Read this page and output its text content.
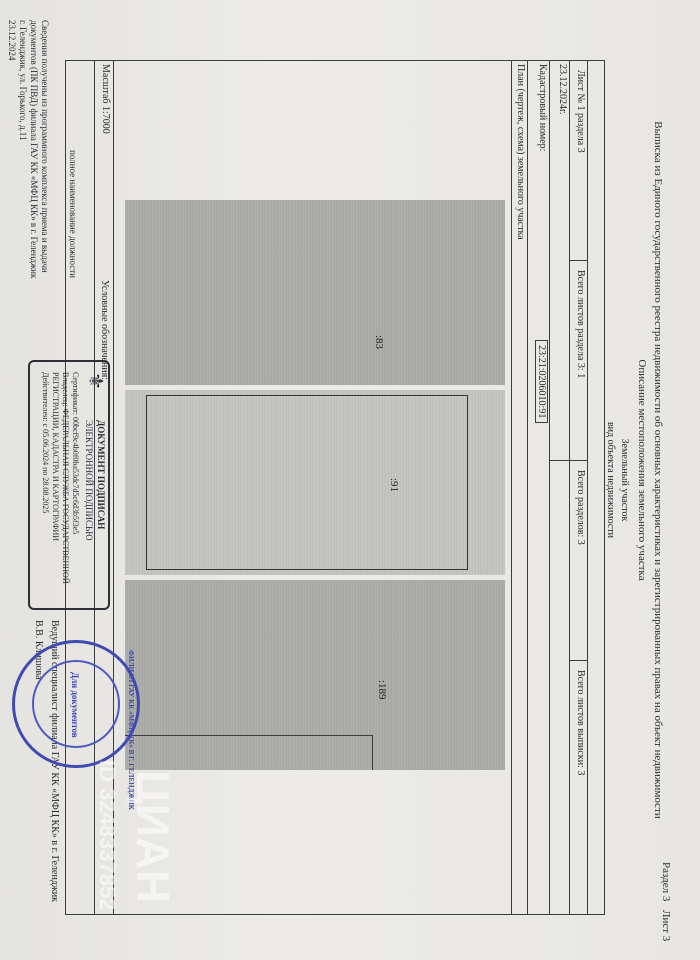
Раздел 3
Лист 3
Выписка из Единого государственного реестра недвижимости об основных характеристиках и зарегистрированных правах на объект недвижимости
Описание местоположения земельного участка
Земельный участок
вид объекта недвижимости
Лист № 1 раздела 3
Всего листов раздела 3: 1
Всего разделов: 3
Всего листов выписки: 3
23.12.2024г.
Кадастровый номер:
23:21:0206010:91
План (чертеж, схема) земельного участка
:83
:91
:189
Масштаб 1:7000
Условные обозначения:
полное наименование должности
⚜
ДОКУМЕНТ ПОДПИСАН
ЭЛЕКТРОННОЙ ПОДПИСЬЮ
Сертификат: 00bcf9c4b0f0ba53dc7d5c6d3b5f3e5
Владелец: ФЕДЕРАЛЬНАЯ СЛУЖБА ГОСУДАРСТВЕННОЙ
РЕГИСТРАЦИИ, КАДАСТРА И КАРТОГРАФИИ
Действителен: с 05.06.2024 по 28.08.2025
Ведущий специалист филиала ГАУ КК «МФЦ КК» в г. Геленджик
В.В. Клишова
ФИЛИАЛ ГАУ КК «МФЦ КК» В Г. ГЕЛЕНДЖИК
Для документов
Сведения получены из программного комплекса приема и выдачи
документов (ПК ПВД) филиала ГАУ КК «МФЦ КК» в г. Геленджик
г. Геленджик, ул. Горького, д.11
23.12.2024
ЦИАН
ID 3248337852
